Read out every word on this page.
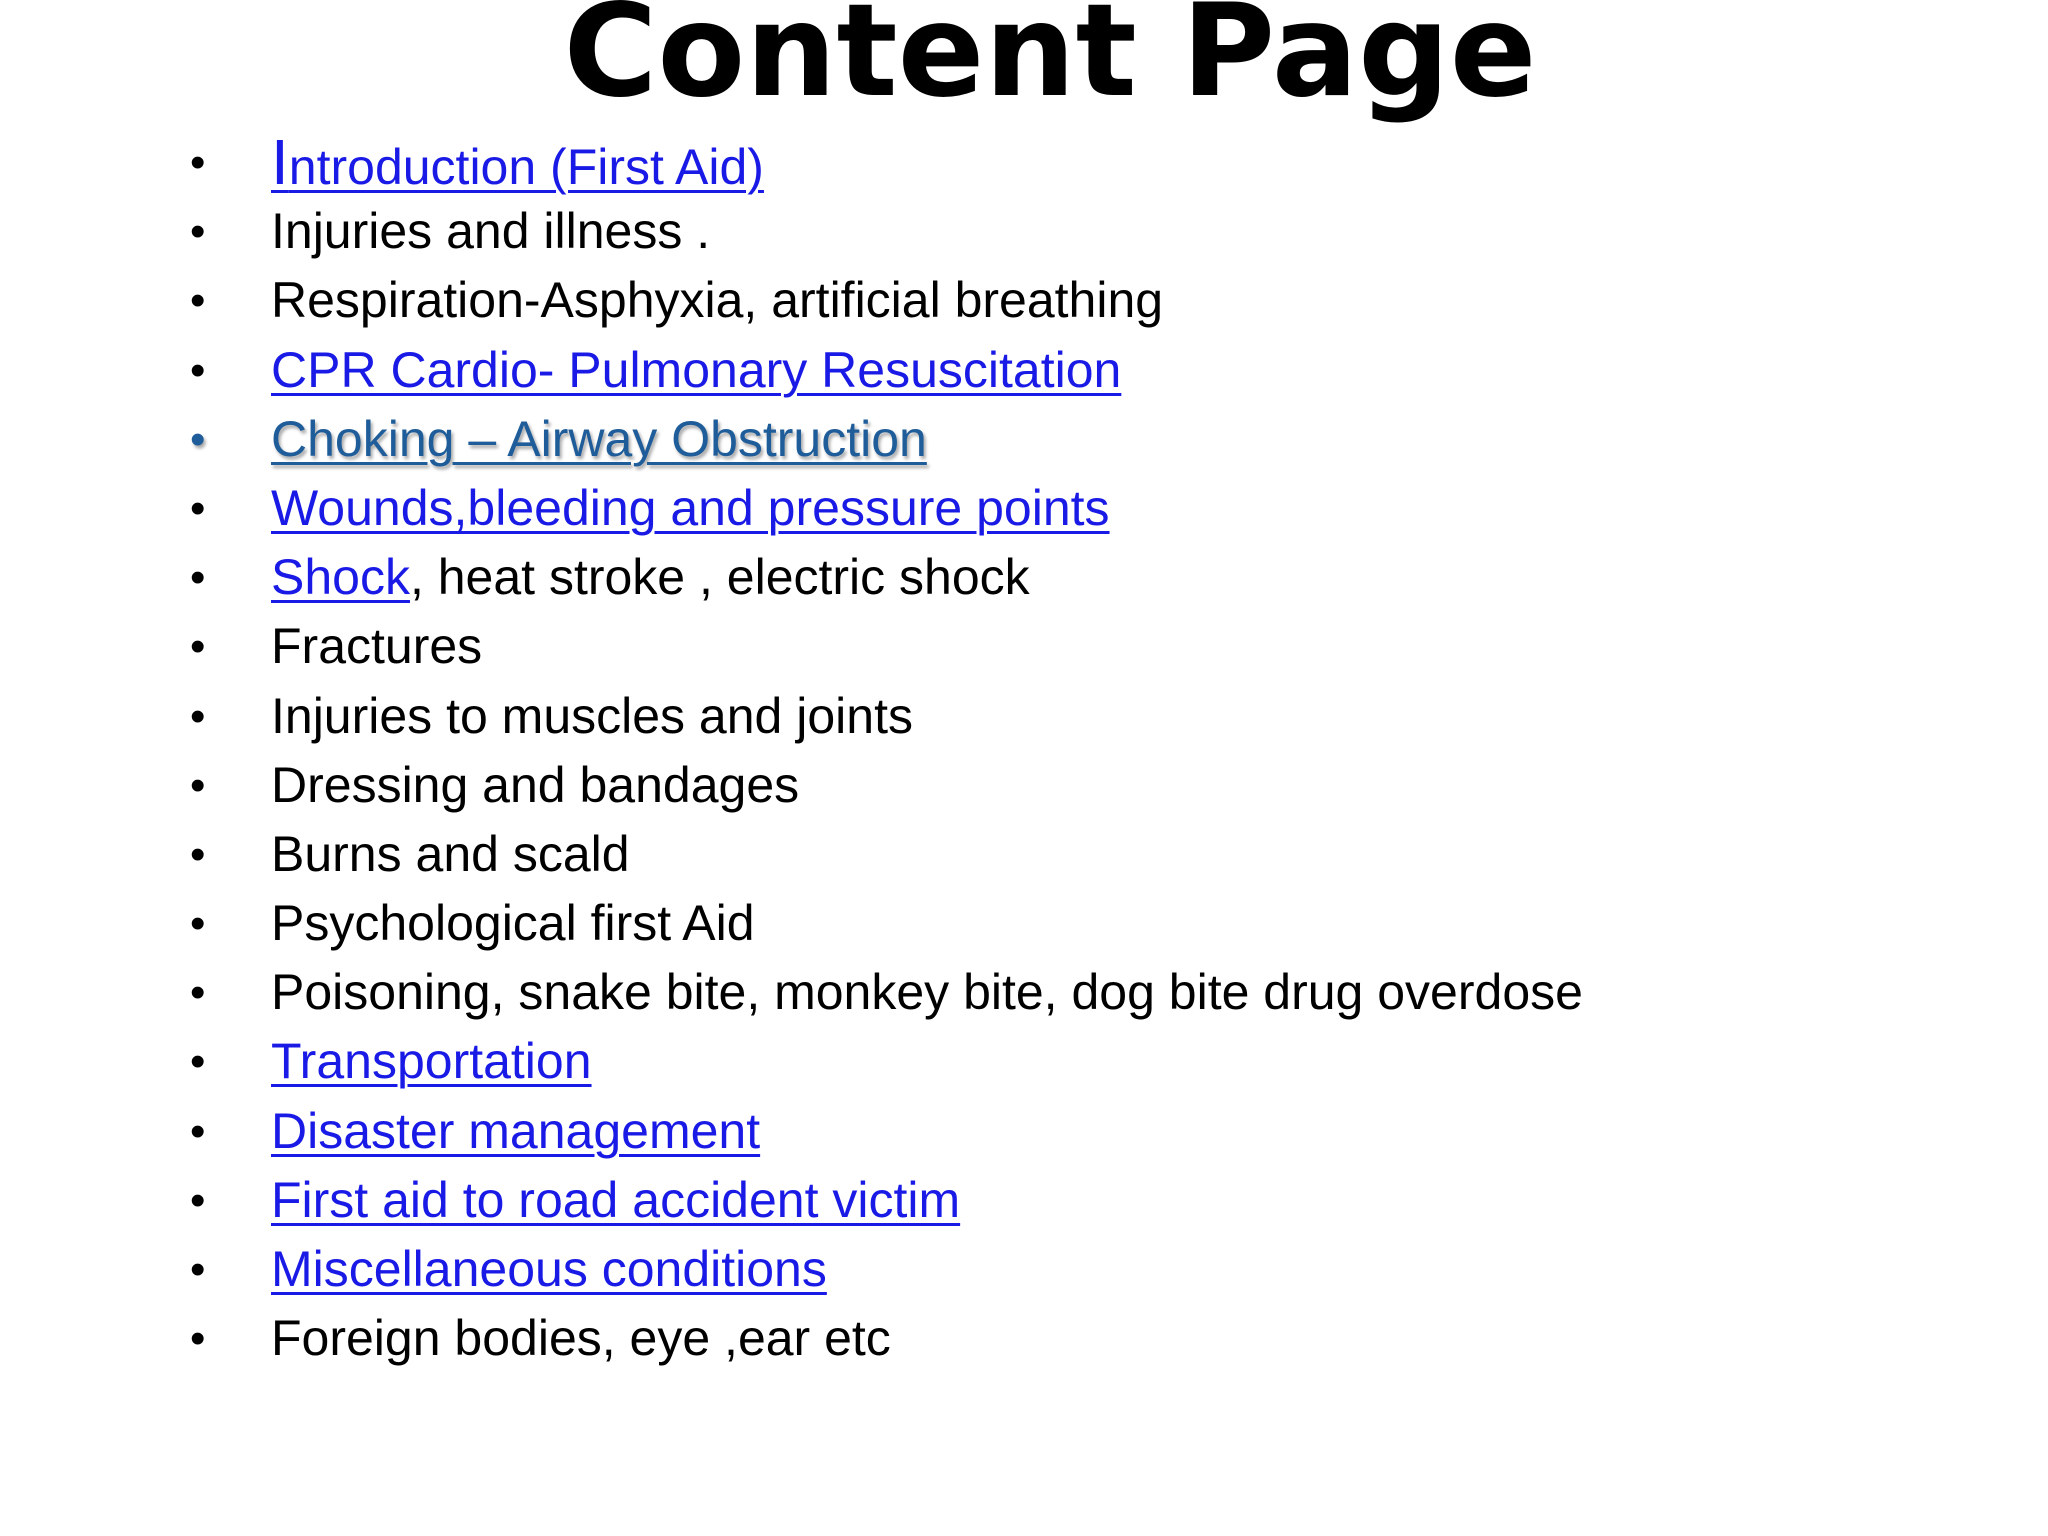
Content Page
• Introduction (First Aid)
• Injuries and illness .
• Respiration-Asphyxia, artificial breathing
• CPR Cardio- Pulmonary Resuscitation
• Choking – Airway Obstruction
• Wounds,bleeding and pressure points
• Shock, heat stroke , electric shock
• Fractures
• Injuries to muscles and joints
• Dressing and bandages
• Burns and scald
• Psychological first Aid
• Poisoning, snake bite, monkey bite, dog bite drug overdose
• Transportation
• Disaster management
• First aid to road accident victim
• Miscellaneous conditions
• Foreign bodies, eye ,ear etc
